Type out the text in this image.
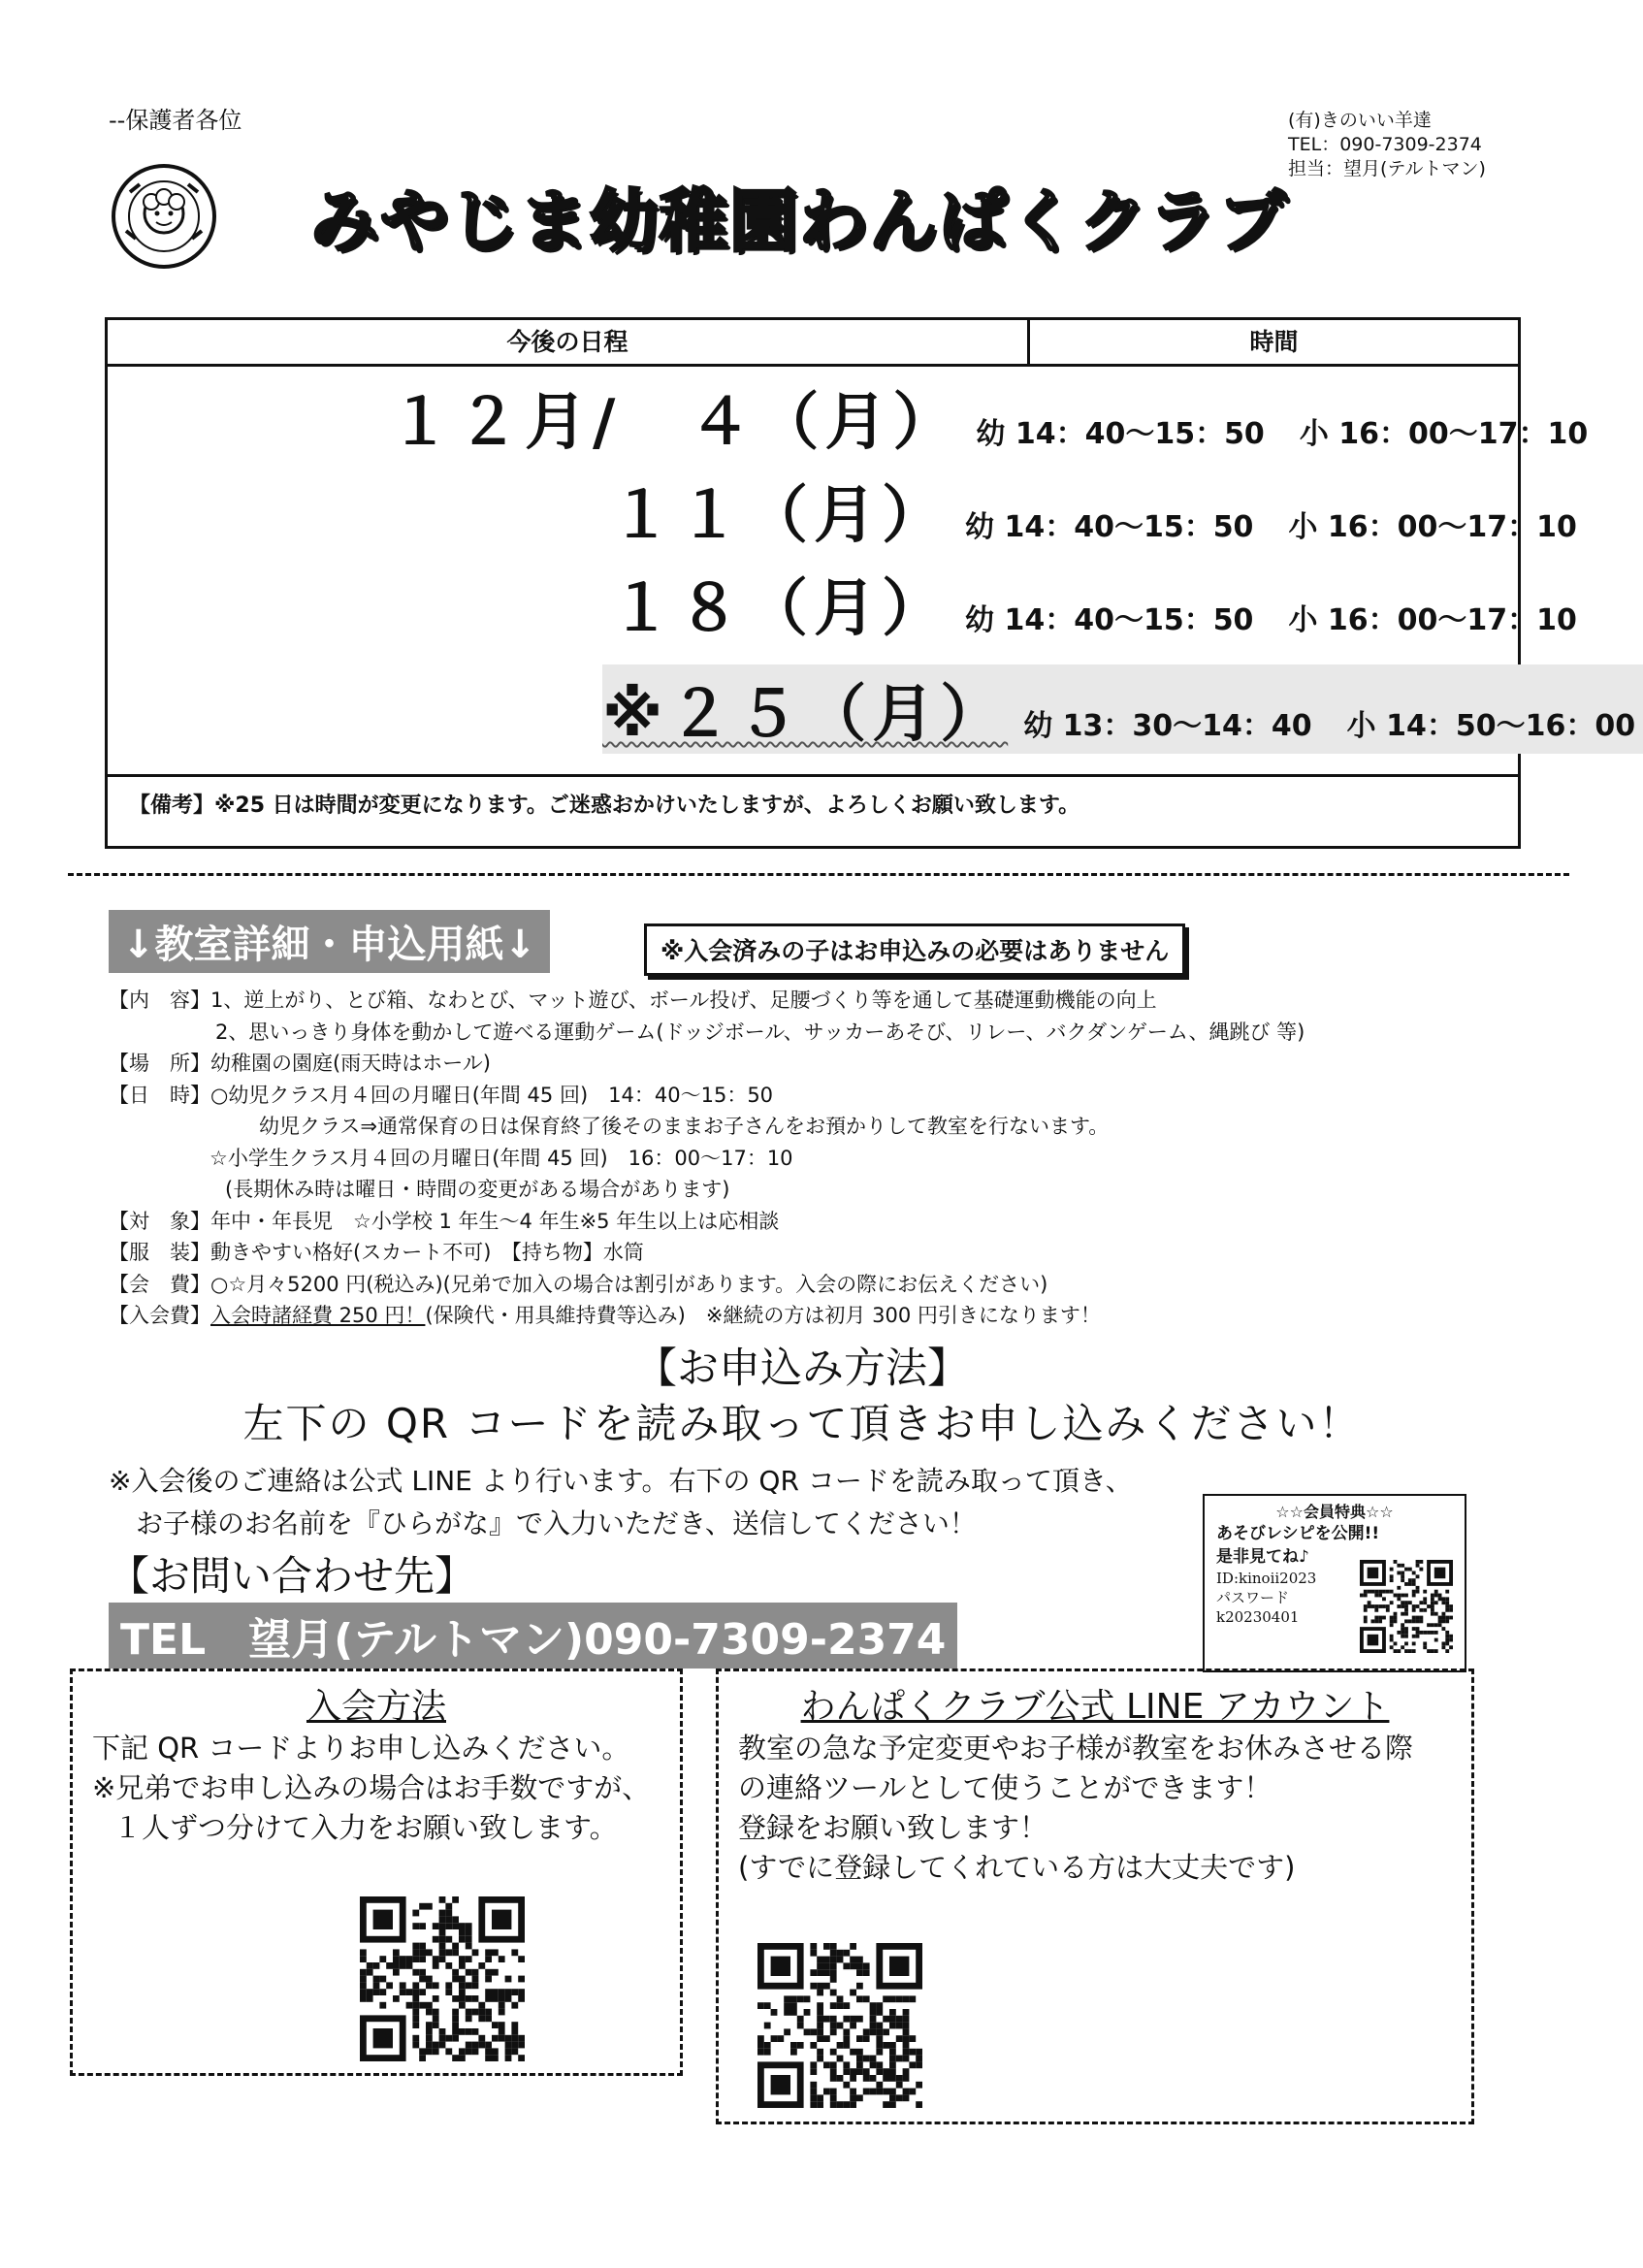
--保護者各位	(有)きのいい羊達
TEL：090-7309-2374
担当：望月(テルトマン)
みやじま幼稚園わんぱくクラブ
今後の日程	時間
１２月/　４（月） 幼 14：40〜15：50 小 16：00〜17：10
１１（月） 幼 14：40〜15：50 小 16：00〜17：10
１８（月） 幼 14：40〜15：50 小 16：00〜17：10
※２５（月） 幼 13：30〜14：40 小 14：50〜16：00
【備考】※25 日は時間が変更になります。ご迷惑おかけいたしますが、よろしくお願い致します。
↓教室詳細・申込用紙↓	※入会済みの子はお申込みの必要はありません
【内　容】1、逆上がり、とび箱、なわとび、マット遊び、ボール投げ、足腰づくり等を通して基礎運動機能の向上
2、思いっきり身体を動かして遊べる運動ゲーム(ドッジボール、サッカーあそび、リレー、バクダンゲーム、縄跳び 等)
【場　所】幼稚園の園庭(雨天時はホール)
【日　時】○幼児クラス月４回の月曜日(年間 45 回)　14：40〜15：50
幼児クラス⇒通常保育の日は保育終了後そのままお子さんをお預かりして教室を行ないます。
☆小学生クラス月４回の月曜日(年間 45 回)　16：00〜17：10
(長期休み時は曜日・時間の変更がある場合があります)
【対　象】年中・年長児　☆小学校 1 年生〜4 年生※5 年生以上は応相談
【服　装】動きやすい格好(スカート不可)　【持ち物】水筒
【会　費】○☆月々5200 円(税込み)(兄弟で加入の場合は割引があります。入会の際にお伝えください)
【入会費】入会時諸経費 250 円！(保険代・用具維持費等込み)　※継続の方は初月 300 円引きになります！
【お申込み方法】
左下の QR コードを読み取って頂きお申し込みください！
※入会後のご連絡は公式 LINE より行います。右下の QR コードを読み取って頂き、
お子様のお名前を『ひらがな』で入力いただき、送信してください！
【お問い合わせ先】
TEL　望月(テルトマン)090-7309-2374
☆☆会員特典☆☆
あそびレシピを公開!!
是非見てね♪
ID:kinoii2023
パスワード
k20230401
入会方法
下記 QR コードよりお申し込みください。
※兄弟でお申し込みの場合はお手数ですが、
１人ずつ分けて入力をお願い致します。
わんぱくクラブ公式 LINE アカウント
教室の急な予定変更やお子様が教室をお休みさせる際
の連絡ツールとして使うことができます！
登録をお願い致します！
(すでに登録してくれている方は大丈夫です)
